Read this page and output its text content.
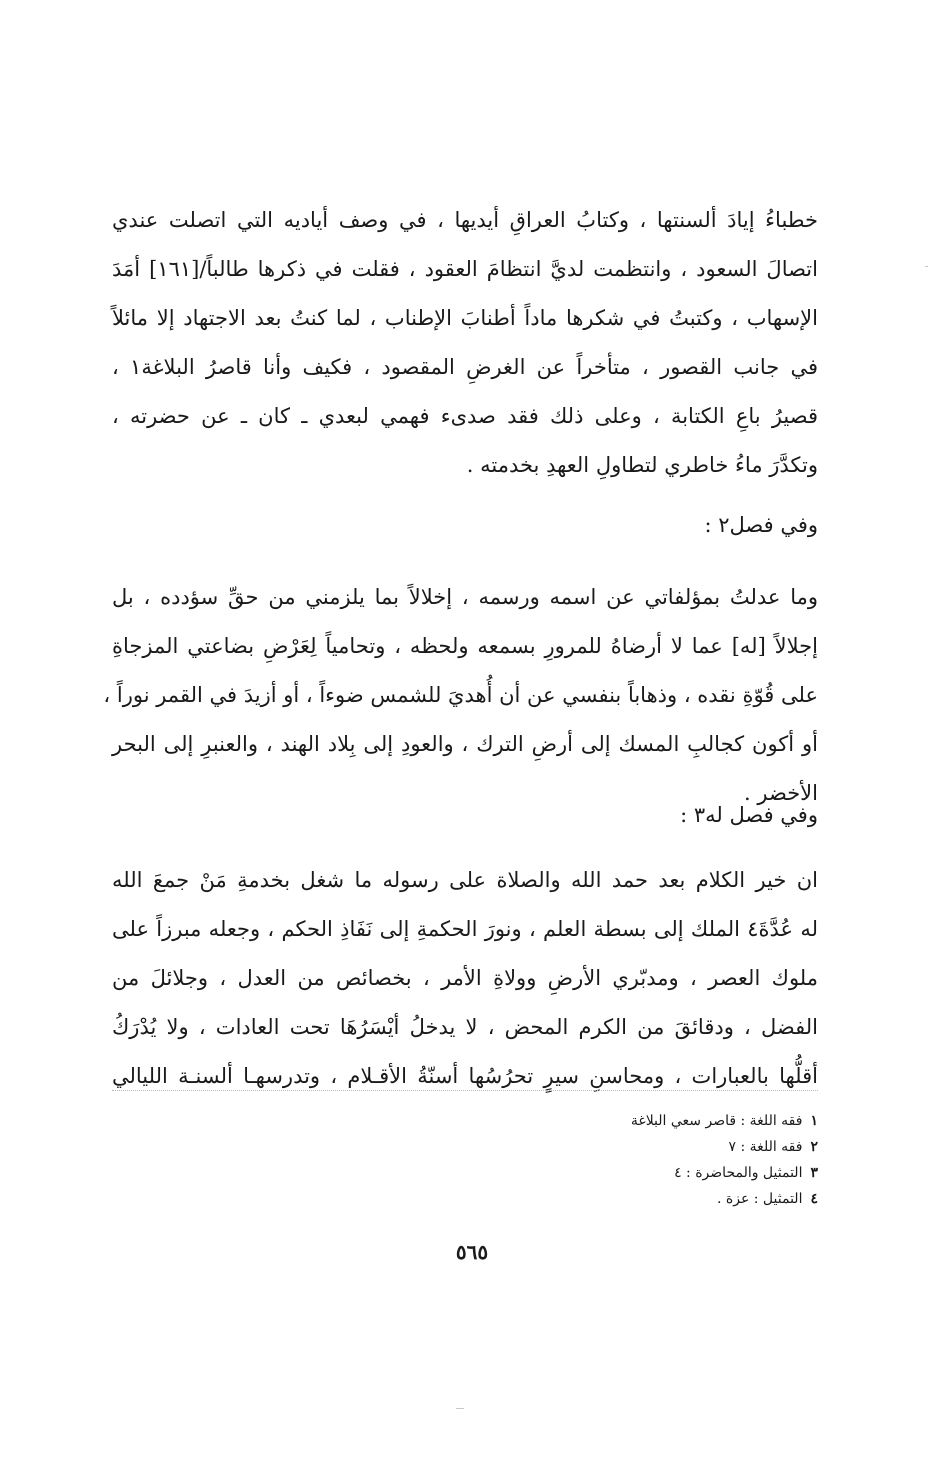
خطباءُ إيادَ ألسنتها ، وكتابُ العراقِ أيديها ، في وصف أياديه التي اتصلت عندي
اتصالَ السعود ، وانتظمت لديَّ انتظامَ العقود ، فقلت في ذكرها طالباً/[١٦١] أمَدَ
الإسهاب ، وكتبتُ في شكرها ماداً أطنابَ الإطناب ، لما كنتُ بعد الاجتهاد إلا مائلاً
في جانب القصور ، متأخراً عن الغرضِ المقصود ، فكيف وأنا قاصرُ البلاغة١ ،
قصيرُ باعِ الكتابة ، وعلى ذلك فقد صدىء فهمي لبعدي ـ كان ـ عن حضرته ،
وتكدَّرَ ماءُ خاطري لتطاولِ العهدِ بخدمته .
وفي فصل٢ :
وما عدلتُ بمؤلفاتي عن اسمه ورسمه ، إخلالاً بما يلزمني من حقِّ سؤدده ، بل
إجلالاً [له] عما لا أرضاهُ للمرورِ بسمعه ولحظه ، وتحامياً لِعَرْضِ بضاعتي المزجاةِ
على قُوّةِ نقده ، وذهاباً بنفسي عن أن أُهديَ للشمس ضوءاً ، أو أزيدَ في القمر نوراً ،
أو أكون كجالبِ المسك إلى أرضِ الترك ، والعودِ إلى بِلاد الهند ، والعنبرِ إلى البحر
الأخضر .
وفي فصل له٣ :
ان خير الكلام بعد حمد الله والصلاة على رسوله ما شغل بخدمةِ مَنْ جمعَ الله
له عُدَّةَ٤ الملك إلى بسطة العلم ، ونورَ الحكمةِ إلى نَفَاذِ الحكم ، وجعله مبرزاً على
ملوك العصر ، ومدبّري الأرضِ وولاةِ الأمر ، بخصائص من العدل ، وجلائلَ من
الفضل ، ودقائقَ من الكرم المحض ، لا يدخلُ أيْسَرُهَا تحت العادات ، ولا يُدْرَكُ
أقلُّها بالعبارات ، ومحاسنِ سيرٍ تحرُسُها أسنّةُ الأقـلام ، وتدرسهـا ألسنـة الليالي
١فقه اللغة : قاصر سعي البلاغة
٢فقه اللغة : ٧
٣التمثيل والمحاضرة : ٤
٤التمثيل : عزة .
٥٦٥
